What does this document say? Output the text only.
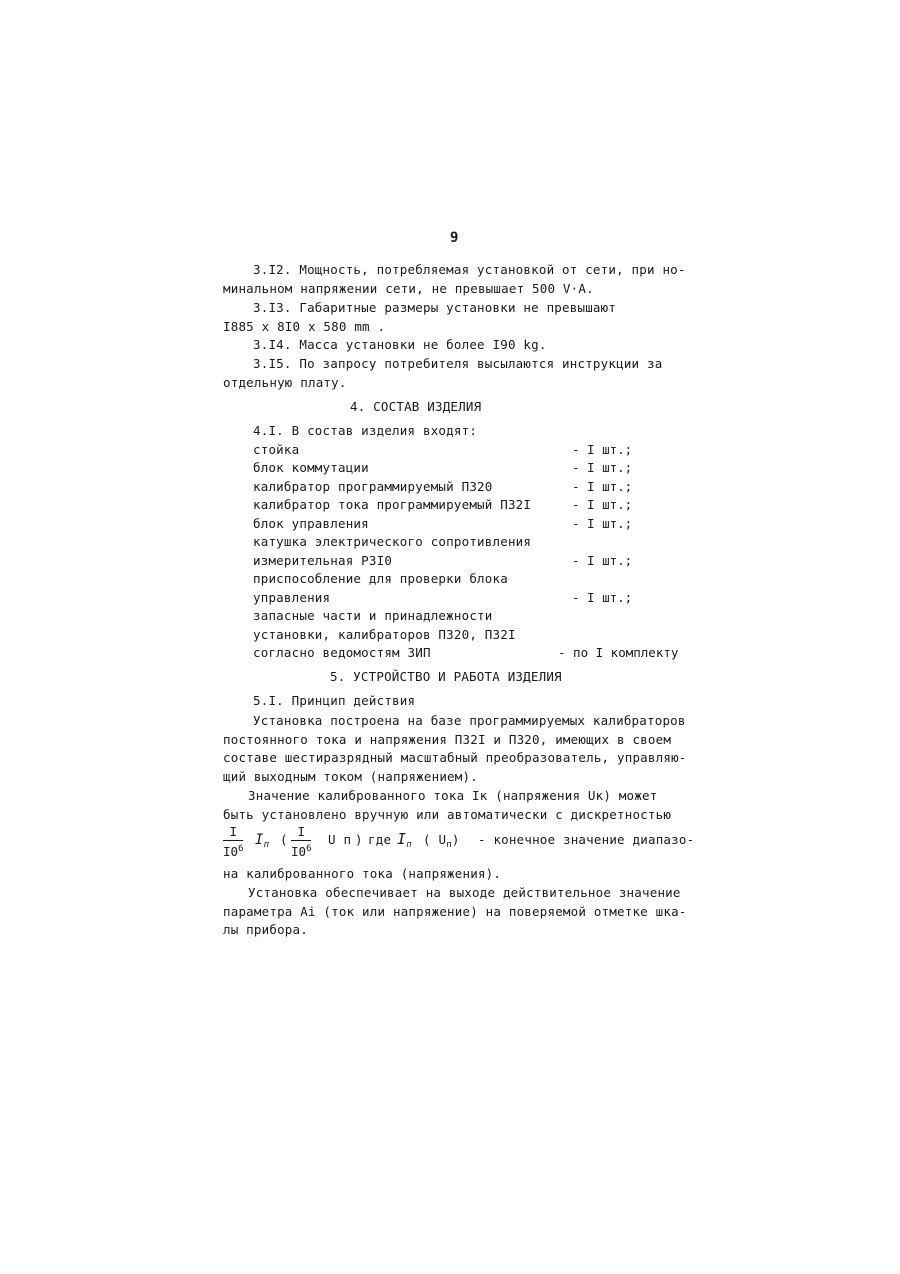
9
3.I2. Мощность, потребляемая установкой от сети, при но-
минальном напряжении сети, не превышает 500 V·A.
3.I3. Габаритные размеры установки не превышают
I885 x 8I0 x 580 mm .
3.I4. Масса установки не более I90 kg.
3.I5. По запросу потребителя высылаются инструкции за
отдельную плату.
4. СОСТАВ ИЗДЕЛИЯ
4.I. В состав изделия входят:
стойка	- I шт.;
блок коммутации	- I шт.;
калибратор программируемый П320	- I шт.;
калибратор тока программируемый П32I	- I шт.;
блок управления	- I шт.;
катушка электрического сопротивления
измерительная Р3I0	- I шт.;
приспособление для проверки блока
управления	- I шт.;
запасные части и принадлежности
установки, калибраторов П320, П32I
согласно ведомостям ЗИП	- по I комплекту
5. УСТРОЙСТВО И РАБОТА ИЗДЕЛИЯ
5.I. Принцип действия
Установка построена на базе программируемых калибраторов
постоянного тока и напряжения П32I и П320, имеющих в своем
составе шестиразрядный масштабный преобразователь, управляю-
щий выходным током (напряжением).
Значение калиброванного тока Iк (напряжения Uк) может
быть установлено вручную или автоматически с дискретностью
$\frac{I}{I0^6} I_п$ ( $\frac{I}{I0^6}$ U п ) где $I_п$ ( $U_п$) - конечное значение диапазо-
на калиброванного тока (напряжения).
Установка обеспечивает на выходе действительное значение
параметра Ai (ток или напряжение) на поверяемой отметке шка-
лы прибора.
